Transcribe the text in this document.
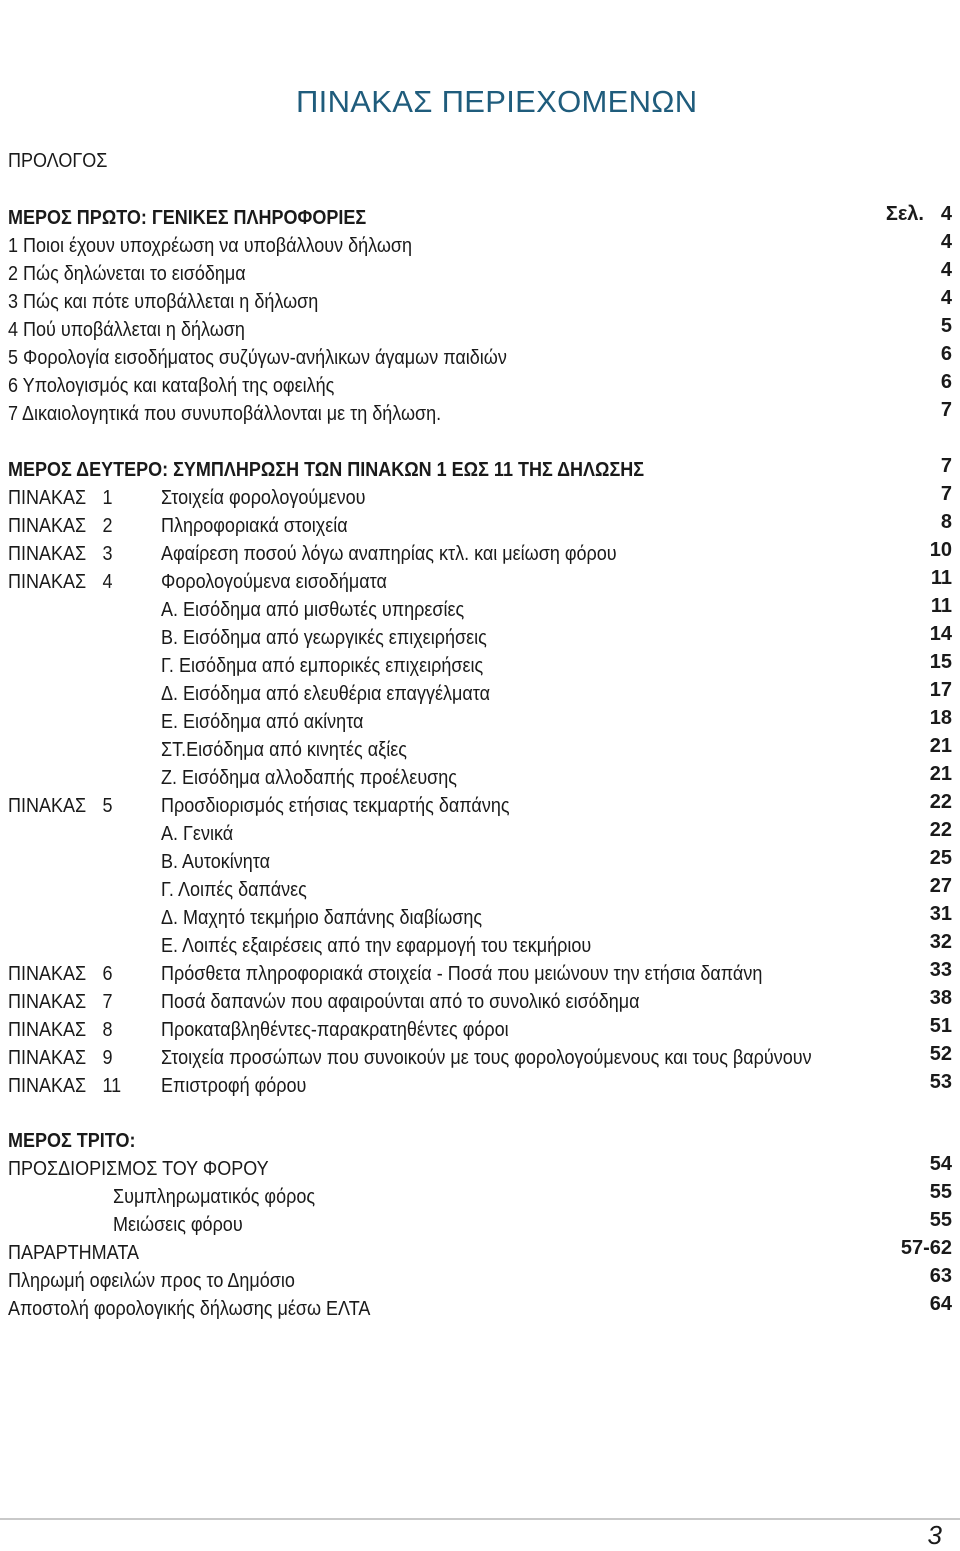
ΠΙΝΑΚΑΣ ΠΕΡΙΕΧΟΜΕΝΩΝ
ΠΡΟΛΟΓΟΣ
ΜΕΡΟΣ ΠΡΩΤΟ: ΓΕΝΙΚΕΣ ΠΛΗΡΟΦΟΡΙΕΣ	Σελ. 4
1 Ποιοι έχουν υποχρέωση να υποβάλλουν δήλωση	4
2 Πώς δηλώνεται το εισόδημα	4
3 Πώς και πότε υποβάλλεται η δήλωση	4
4 Πού υποβάλλεται η δήλωση	5
5 Φορολογία εισοδήματος συζύγων-ανήλικων άγαμων παιδιών	6
6 Υπολογισμός και καταβολή της οφειλής	6
7 Δικαιολογητικά που συνυποβάλλονται με τη δήλωση.	7
ΜΕΡΟΣ ΔΕΥΤΕΡΟ: ΣΥΜΠΛΗΡΩΣΗ ΤΩΝ ΠΙΝΑΚΩΝ 1 ΕΩΣ 11 ΤΗΣ ΔΗΛΩΣΗΣ	7
ΠΙΝΑΚΑΣ 1 Στοιχεία φορολογούμενου	7
ΠΙΝΑΚΑΣ 2 Πληροφοριακά στοιχεία	8
ΠΙΝΑΚΑΣ 3 Αφαίρεση ποσού λόγω αναπηρίας κτλ. και μείωση φόρου	10
ΠΙΝΑΚΑΣ 4 Φορολογούμενα εισοδήματα	11
Α. Εισόδημα από μισθωτές υπηρεσίες	11
Β. Εισόδημα από γεωργικές επιχειρήσεις	14
Γ. Εισόδημα από εμπορικές επιχειρήσεις	15
Δ. Εισόδημα από ελευθέρια επαγγέλματα	17
Ε. Εισόδημα από ακίνητα	18
ΣΤ.Εισόδημα από κινητές αξίες	21
Ζ. Εισόδημα αλλοδαπής προέλευσης	21
ΠΙΝΑΚΑΣ 5 Προσδιορισμός ετήσιας τεκμαρτής δαπάνης	22
Α. Γενικά	22
Β. Αυτοκίνητα	25
Γ. Λοιπές δαπάνες	27
Δ. Μαχητό τεκμήριο δαπάνης διαβίωσης	31
Ε. Λοιπές εξαιρέσεις από την εφαρμογή του τεκμήριου	32
ΠΙΝΑΚΑΣ 6 Πρόσθετα πληροφοριακά στοιχεία - Ποσά που μειώνουν την ετήσια δαπάνη	33
ΠΙΝΑΚΑΣ 7 Ποσά δαπανών που αφαιρούνται από το συνολικό εισόδημα	38
ΠΙΝΑΚΑΣ 8 Προκαταβληθέντες-παρακρατηθέντες φόροι	51
ΠΙΝΑΚΑΣ 9 Στοιχεία προσώπων που συνοικούν με τους φορολογούμενους και τους βαρύνουν	52
ΠΙΝΑΚΑΣ 11 Επιστροφή φόρου	53
ΜΕΡΟΣ ΤΡΙΤΟ:
ΠΡΟΣΔΙΟΡΙΣΜΟΣ ΤΟΥ ΦΟΡΟΥ	54
Συμπληρωματικός φόρος	55
Μειώσεις φόρου	55
ΠΑΡΑΡΤΗΜΑΤΑ	57-62
Πληρωμή οφειλών προς το Δημόσιο	63
Αποστολή φορολογικής δήλωσης μέσω ΕΛΤΑ	64
3
